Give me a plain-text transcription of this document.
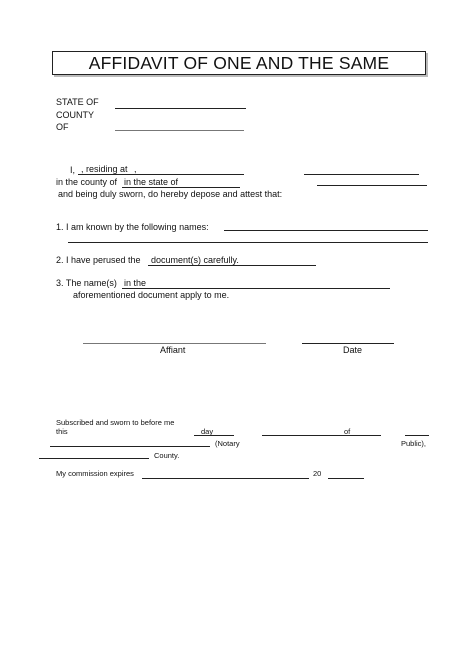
AFFIDAVIT OF ONE AND THE SAME
STATE OF
COUNTY
OF
I, , residing at ,
in the county of in the state of
and being duly sworn, do hereby depose and attest that:
1. I am known by the following names:
2. I have perused the document(s) carefully.
3. The name(s) in the
aforementioned document apply to me.
Affiant	Date
Subscribed and sworn to before me
this	day	of
(Notary	Public),
County.
My commission expires	20
